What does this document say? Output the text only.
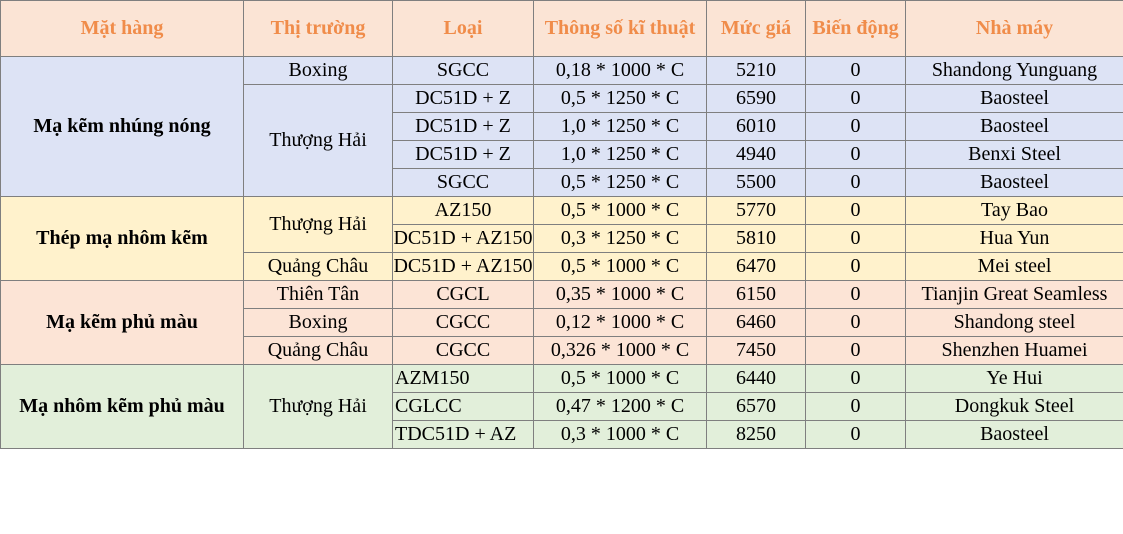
Mặt hàng	Thị trường	Loại	Thông số kĩ thuật	Mức giá	Biến động	Nhà máy
Mạ kẽm nhúng nóng	Boxing	SGCC	0,18 * 1000 * C	5210	0	Shandong Yunguang
	Thượng Hải	DC51D + Z	0,5 * 1250 * C	6590	0	Baosteel
		DC51D + Z	1,0 * 1250 * C	6010	0	Baosteel
		DC51D + Z	1,0 * 1250 * C	4940	0	Benxi Steel
		SGCC	0,5 * 1250 * C	5500	0	Baosteel
Thép mạ nhôm kẽm	Thượng Hải	AZ150	0,5 * 1000 * C	5770	0	Tay Bao
		DC51D + AZ150	0,3 * 1250 * C	5810	0	Hua Yun

	Quảng Châu	DC51D + AZ150	0,5 * 1000 * C	6470	0	Mei steel

Mạ kẽm phủ màu	Thiên Tân	CGCL	0,35 * 1000 * C	6150	0	Tianjin Great Seamless

	Boxing	CGCC	0,12 * 1000 * C	6460	0	Shandong steel
	Quảng Châu	CGCC	0,326 * 1000 * C	7450	0	Shenzhen Huamei
Mạ nhôm kẽm phủ màu	Thượng Hải	AZM150	0,5 * 1000 * C	6440	0	Ye Hui
		CGLCC	0,47 * 1200 * C	6570	0	Dongkuk Steel
		TDC51D + AZ	0,3 * 1000 * C	8250	0	Baosteel
